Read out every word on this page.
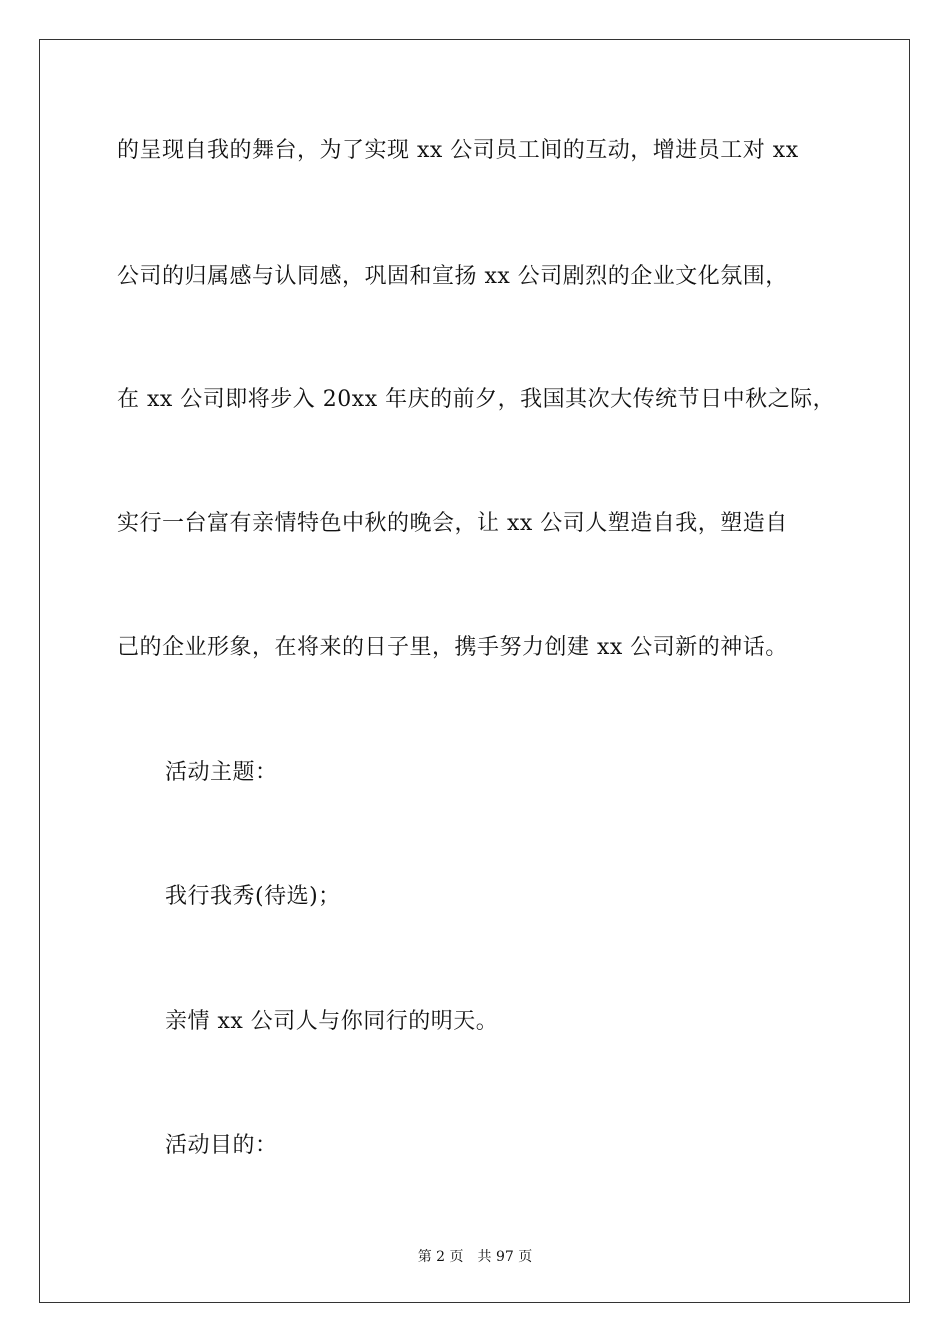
的呈现自我的舞台，为了实现 xx 公司员工间的互动，增进员工对 xx
公司的归属感与认同感，巩固和宣扬 xx 公司剧烈的企业文化氛围，
在 xx 公司即将步入 20xx 年庆的前夕，我国其次大传统节日中秋之际，
实行一台富有亲情特色中秋的晚会，让 xx 公司人塑造自我，塑造自
己的企业形象，在将来的日子里，携手努力创建 xx 公司新的神话。
活动主题：
我行我秀(待选)；
亲情 xx 公司人与你同行的明天。
活动目的：
第 2 页 共 97 页
